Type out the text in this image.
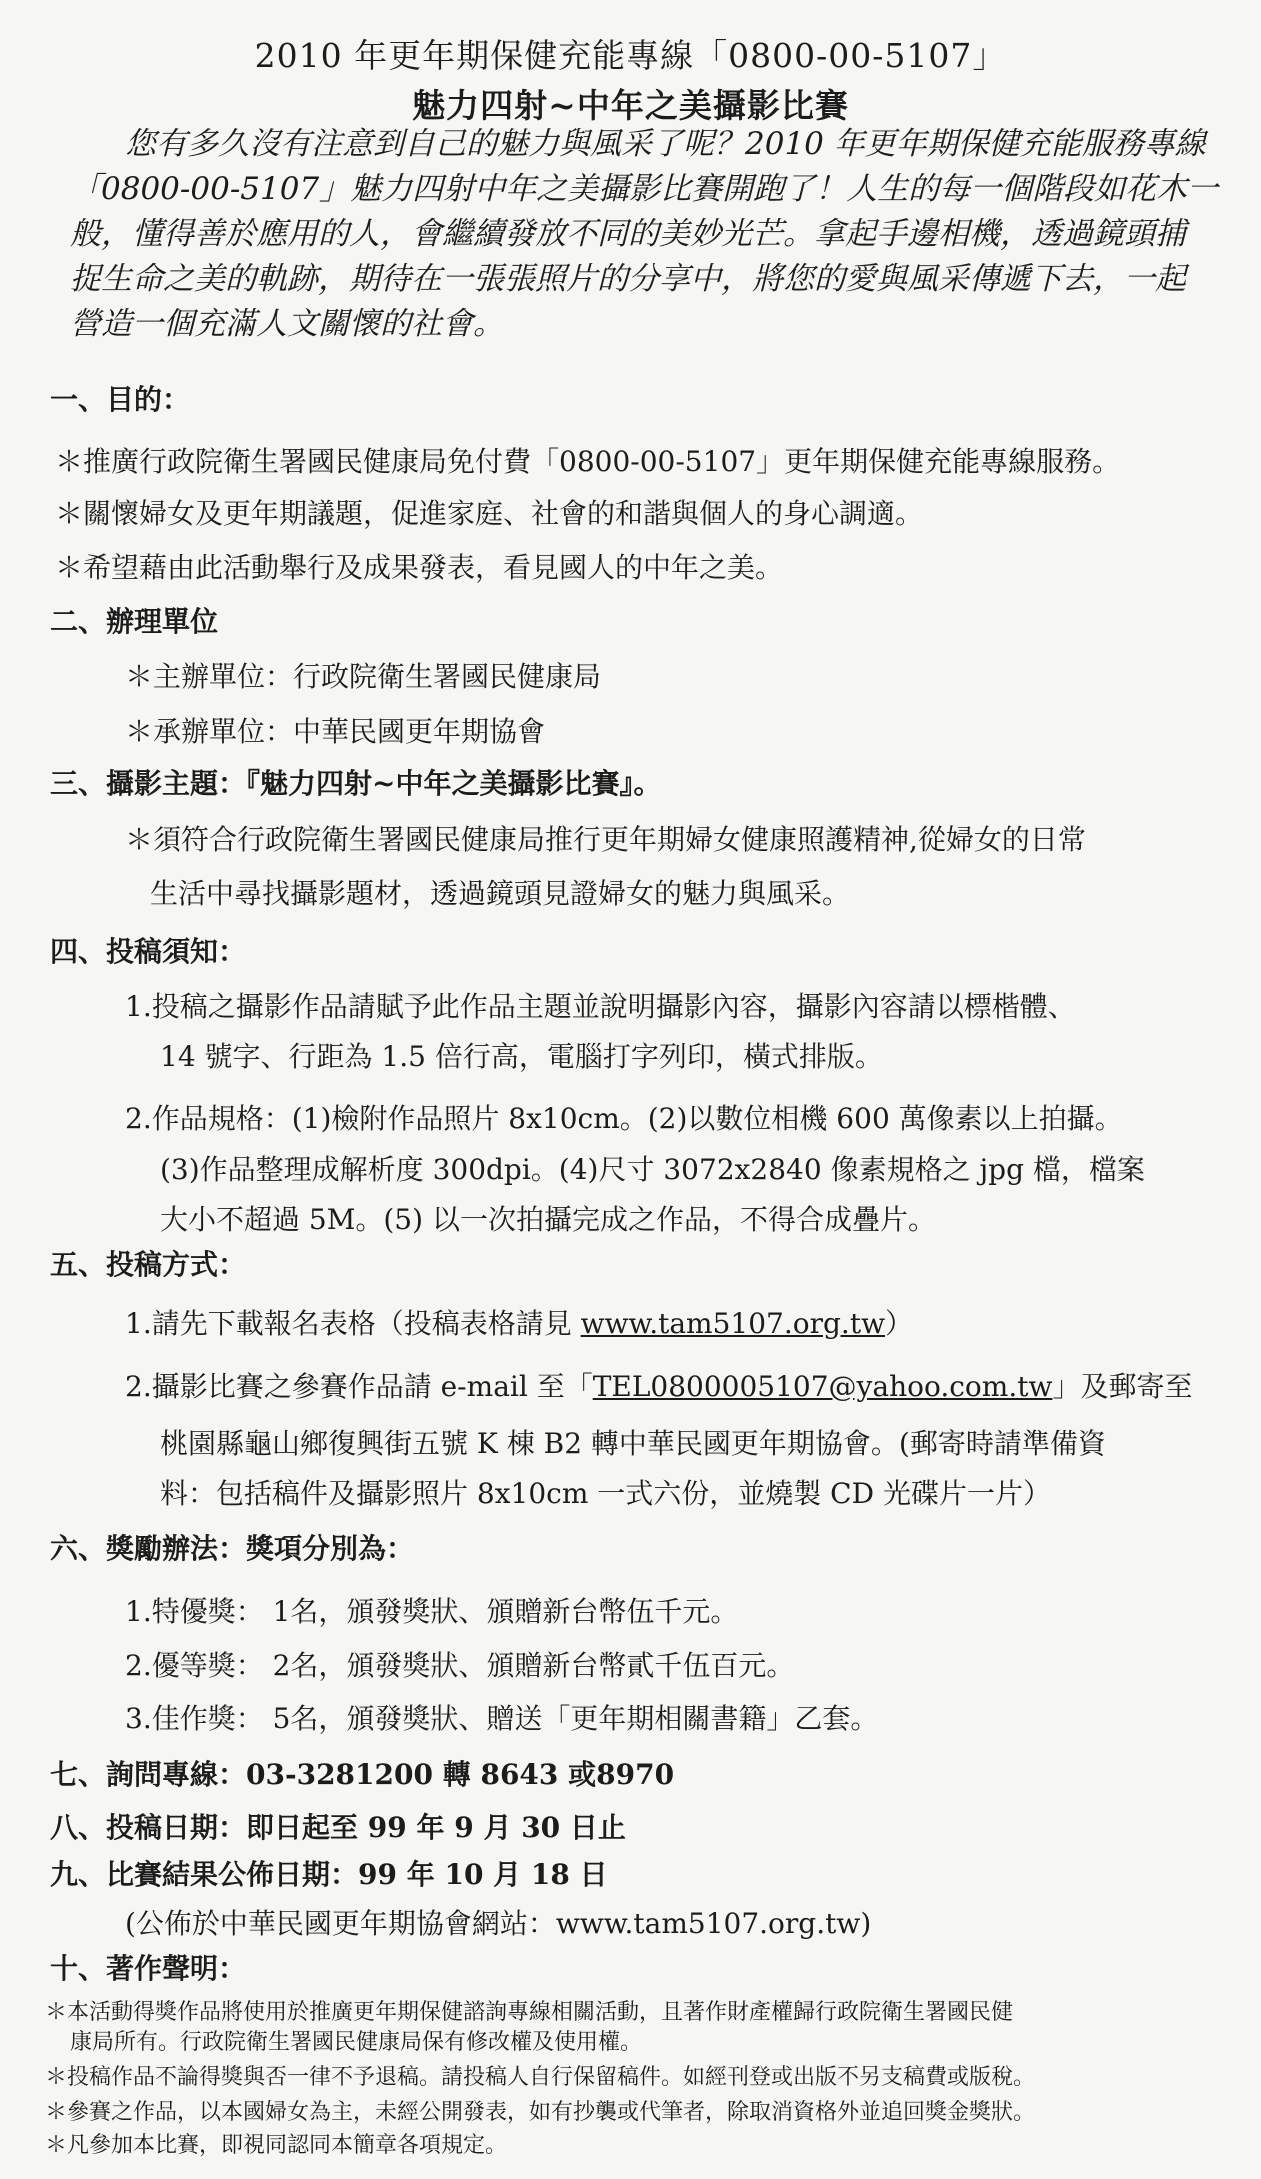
2010 年更年期保健充能專線「0800-00-5107」
魅力四射~中年之美攝影比賽
您有多久沒有注意到自己的魅力與風采了呢？2010 年更年期保健充能服務專線
「0800-00-5107」魅力四射中年之美攝影比賽開跑了！人生的每一個階段如花木一
般，懂得善於應用的人，會繼續發放不同的美妙光芒。拿起手邊相機，透過鏡頭捕
捉生命之美的軌跡，期待在一張張照片的分享中，將您的愛與風采傳遞下去，一起
營造一個充滿人文關懷的社會。
一、目的：
＊推廣行政院衛生署國民健康局免付費「0800-00-5107」更年期保健充能專線服務。
＊關懷婦女及更年期議題，促進家庭、社會的和諧與個人的身心調適。
＊希望藉由此活動舉行及成果發表，看見國人的中年之美。
二、辦理單位
＊主辦單位：行政院衛生署國民健康局
＊承辦單位：中華民國更年期協會
三、攝影主題：『魅力四射~中年之美攝影比賽』。
＊須符合行政院衛生署國民健康局推行更年期婦女健康照護精神,從婦女的日常
生活中尋找攝影題材，透過鏡頭見證婦女的魅力與風采。
四、投稿須知：
1.投稿之攝影作品請賦予此作品主題並說明攝影內容，攝影內容請以標楷體、
14 號字、行距為 1.5 倍行高，電腦打字列印，橫式排版。
2.作品規格：(1)檢附作品照片 8x10cm。(2)以數位相機 600 萬像素以上拍攝。
(3)作品整理成解析度 300dpi。(4)尺寸 3072x2840 像素規格之 jpg 檔，檔案
大小不超過 5M。(5) 以一次拍攝完成之作品，不得合成疊片。
五、投稿方式：
1.請先下載報名表格（投稿表格請見 www.tam5107.org.tw）
2.攝影比賽之參賽作品請 e-mail 至「TEL0800005107@yahoo.com.tw」及郵寄至
桃園縣龜山鄉復興街五號 K 棟 B2 轉中華民國更年期協會。(郵寄時請準備資
料：包括稿件及攝影照片 8x10cm 一式六份，並燒製 CD 光碟片一片）
六、獎勵辦法：獎項分別為：
1.特優獎： 1名，頒發獎狀、頒贈新台幣伍千元。
2.優等獎： 2名，頒發獎狀、頒贈新台幣貳千伍百元。
3.佳作獎： 5名，頒發獎狀、贈送「更年期相關書籍」乙套。
七、詢問專線：03-3281200 轉 8643 或8970
八、投稿日期：即日起至 99 年 9 月 30 日止
九、比賽結果公佈日期：99 年 10 月 18 日
(公佈於中華民國更年期協會網站：www.tam5107.org.tw)
十、著作聲明：
＊本活動得獎作品將使用於推廣更年期保健諮詢專線相關活動，且著作財產權歸行政院衛生署國民健
康局所有。行政院衛生署國民健康局保有修改權及使用權。
＊投稿作品不論得獎與否一律不予退稿。請投稿人自行保留稿件。如經刊登或出版不另支稿費或版稅。
＊參賽之作品，以本國婦女為主，未經公開發表，如有抄襲或代筆者，除取消資格外並追回獎金獎狀。
＊凡參加本比賽，即視同認同本簡章各項規定。
